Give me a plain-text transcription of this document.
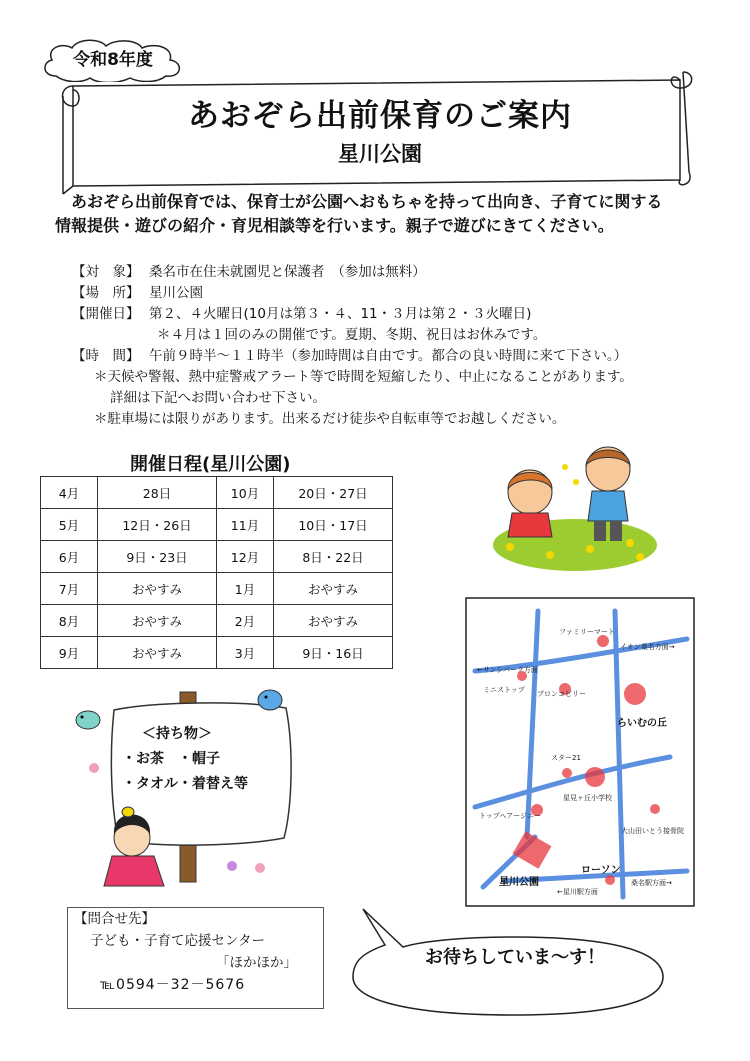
令和8年度
あおぞら出前保育のご案内
星川公園

　あおぞら出前保育では、保育士が公園へおもちゃを持って出向き、子育てに関する

情報提供・遊びの紹介・育児相談等を行います。親子で遊びにきてください。

【対　象】 桑名市在住未就園児と保護者　（参加は無料）
【場　所】 星川公園
【開催日】 第２、４火曜日(10月は第３・４、11・３月は第２・３火曜日)
＊４月は１回のみの開催です。夏期、冬期、祝日はお休みです。
【時　間】 午前９時半～１１時半（参加時間は自由です。都合の良い時間に来て下さい。）
＊天候や警報、熱中症警戒アラート等で時間を短縮したり、中止になることがあります。
詳細は下記へお問い合わせ下さい。
＊駐車場には限りがあります。出来るだけ徒歩や自転車等でお越しください。
開催日程(星川公園)
4月	28日	10月	20日・27日
5月	12日・26日	11月	10日・17日
6月	9日・23日	12月	8日・22日
7月	おやすみ	1月	おやすみ
8月	おやすみ	2月	おやすみ
9月	おやすみ	3月	9日・16日
＜持ち物＞
・お茶　・帽子
・タオル・着替え等
【問合せ先】
子ども・子育て応援センター
「ほかほか」
℡0594－32－5676
お待ちしていま～す！
ファミリーマート
イオン桑名方面→
←サンシパーク方面
ミニストップ ブロンコビリー
らいむの丘
スター21
星見ヶ丘小学校
トップヘアージニー
大山田いとう接骨院
ローソン
星川公園
←星川駅方面
桑名駅方面→
